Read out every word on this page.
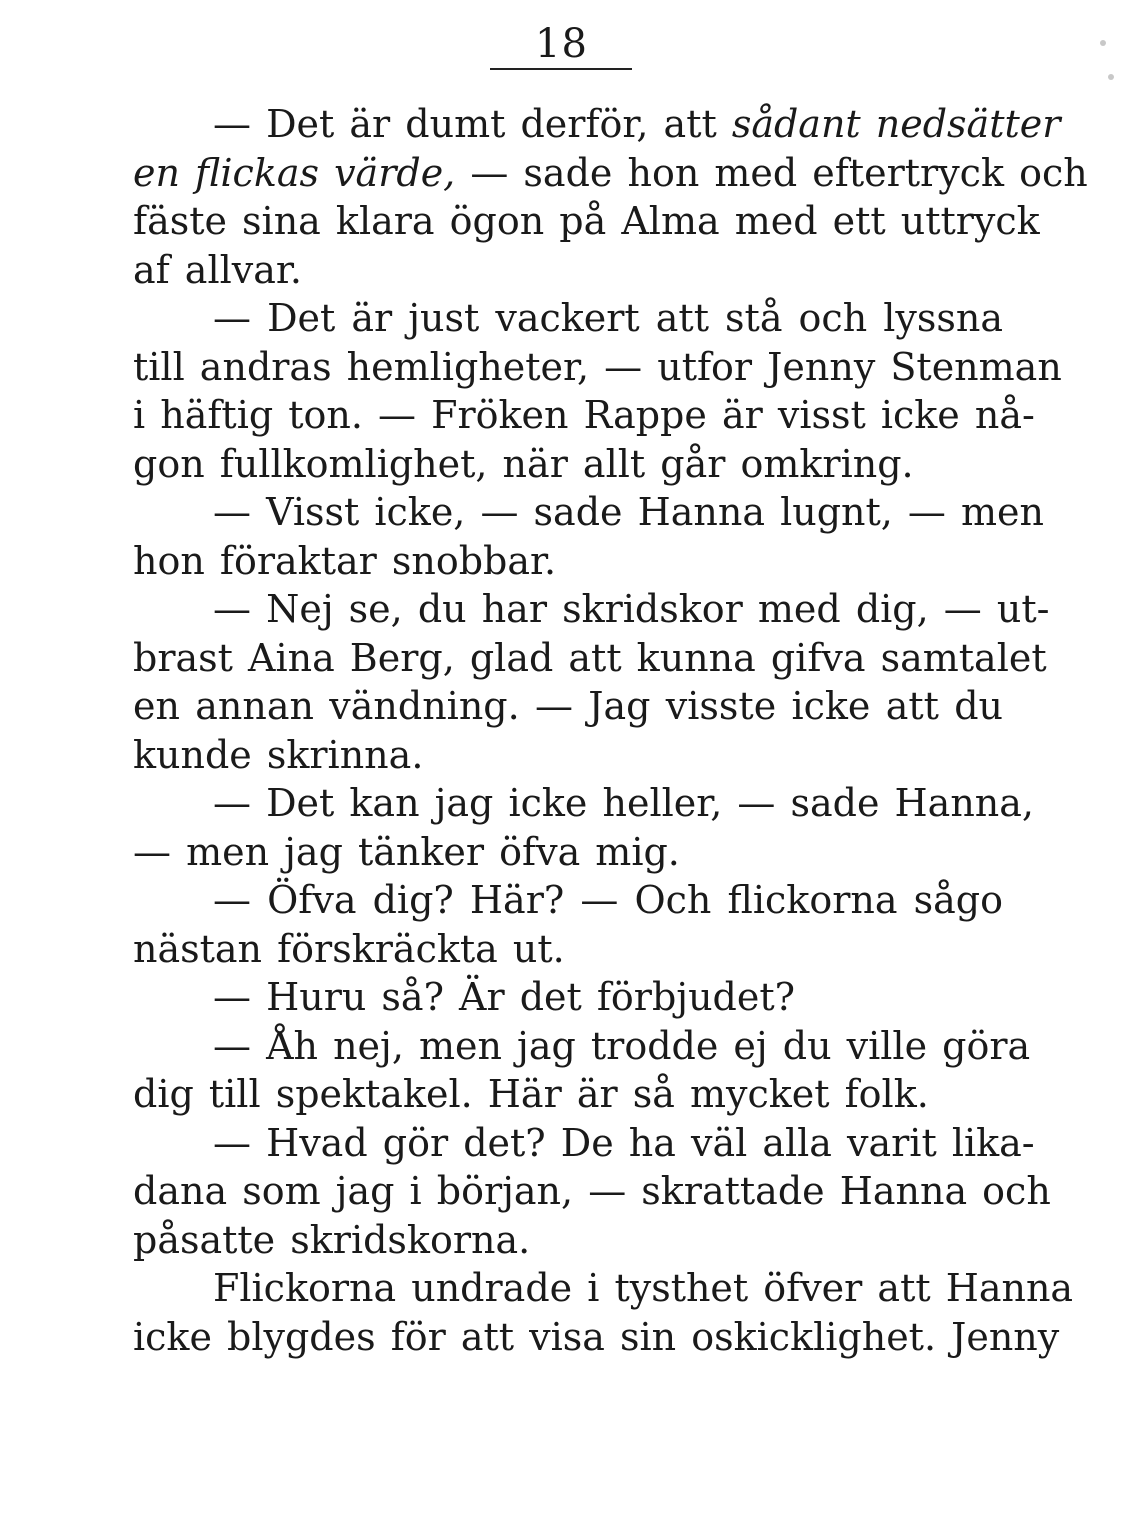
18
— Det är dumt derför, att sådant nedsätter
en flickas värde, — sade hon med eftertryck och
fäste sina klara ögon på Alma med ett uttryck
af allvar.
— Det är just vackert att stå och lyssna
till andras hemligheter, — utfor Jenny Stenman
i häftig ton. — Fröken Rappe är visst icke nå-
gon fullkomlighet, när allt går omkring.
— Visst icke, — sade Hanna lugnt, — men
hon föraktar snobbar.
— Nej se, du har skridskor med dig, — ut-
brast Aina Berg, glad att kunna gifva samtalet
en annan vändning. — Jag visste icke att du
kunde skrinna.
— Det kan jag icke heller, — sade Hanna,
— men jag tänker öfva mig.
— Öfva dig? Här? — Och flickorna sågo
nästan förskräckta ut.
— Huru så? Är det förbjudet?
— Åh nej, men jag trodde ej du ville göra
dig till spektakel. Här är så mycket folk.
— Hvad gör det? De ha väl alla varit lika-
dana som jag i början, — skrattade Hanna och
påsatte skridskorna.
Flickorna undrade i tysthet öfver att Hanna
icke blygdes för att visa sin oskicklighet. Jenny
